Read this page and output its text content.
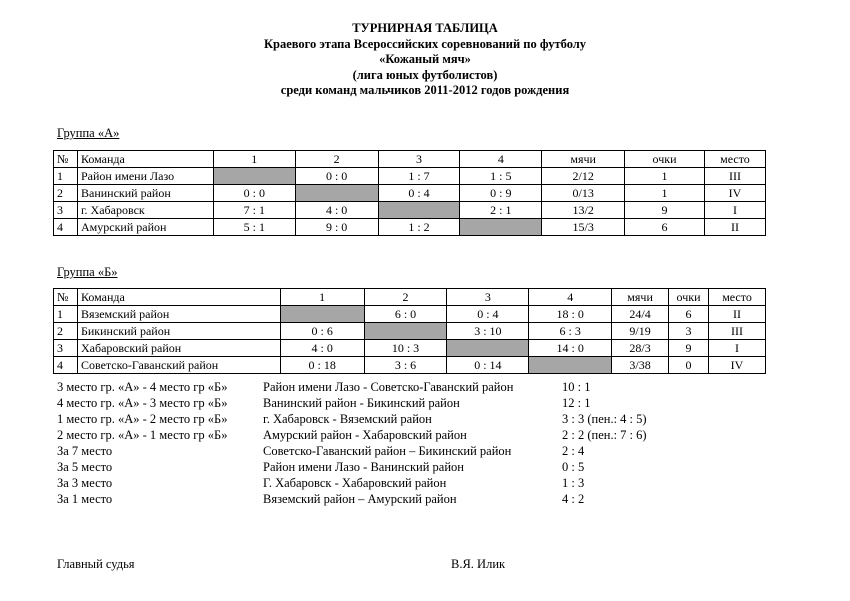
ТУРНИРНАЯ ТАБЛИЦА
Краевого этапа Всероссийских соревнований по футболу
«Кожаный мяч»
(лига юных футболистов)
среди команд мальчиков 2011-2012 годов рождения
Группа «А»
№	Команда	1	2	3	4	мячи	очки	место
1	Район имени Лазо		0 : 0	1 : 7	1 : 5	2/12	1	III
2	Ванинский район	0 : 0		0 : 4	0 : 9	0/13	1	IV
3	г. Хабаровск	7 : 1	4 : 0		2 : 1	13/2	9	I
4	Амурский район	5 : 1	9 : 0	1 : 2		15/3	6	II
Группа «Б»
№	Команда	1	2	3	4	мячи	очки	место
1	Вяземский район		6 : 0	0 : 4	18 : 0	24/4	6	II
2	Бикинский район	0 : 6		3 : 10	6 : 3	9/19	3	III
3	Хабаровский район	4 : 0	10 : 3		14 : 0	28/3	9	I
4	Советско-Гаванский район	0 : 18	3 : 6	0 : 14		3/38	0	IV
3 место гр. «А» - 4 место гр «Б»	Район имени Лазо - Советско-Гаванский район	10 : 1
4 место гр. «А» - 3 место гр «Б»	Ванинский район - Бикинский район	12 : 1
1 место гр. «А» - 2 место гр «Б»	г. Хабаровск - Вяземский район	3 : 3 (пен.: 4 : 5)
2 место гр. «А» - 1 место гр «Б»	Амурский район - Хабаровский район	2 : 2 (пен.: 7 : 6)
За 7 место	Советско-Гаванский район – Бикинский район	2 : 4
За 5 место	Район имени Лазо - Ванинский район	0 : 5
За 3 место	Г. Хабаровск - Хабаровский район	1 : 3
За 1 место	Вяземский район – Амурский район	4 : 2
Главный судья	В.Я. Илик
